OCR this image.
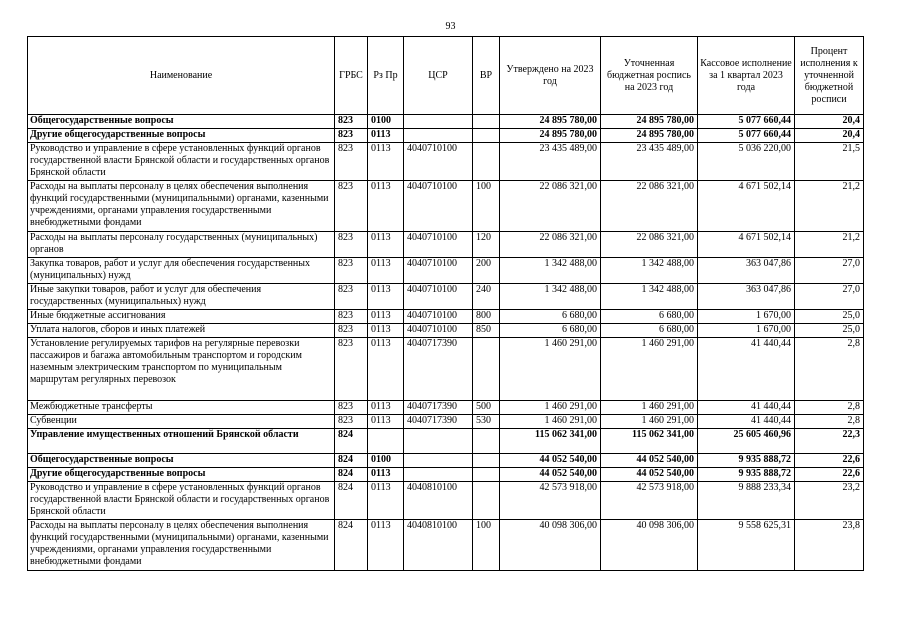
93
Наименование	ГРБС	Рз Пр	ЦСР	ВР	Утверждено на 2023 год	Уточненная бюджетная роспись на 2023 год	Кассовое исполнение за 1 квартал 2023 года	Процент исполнения к уточненной бюджетной росписи
Общегосударственные вопросы	823	0100			24 895 780,00	24 895 780,00	5 077 660,44	20,4
Другие общегосударственные вопросы	823	0113			24 895 780,00	24 895 780,00	5 077 660,44	20,4
Руководство и управление в сфере установленных функций органов государственной власти Брянской области и государственных органов Брянской области	823	0113	4040710100		23 435 489,00	23 435 489,00	5 036 220,00	21,5
Расходы на выплаты персоналу в целях обеспечения выполнения функций государственными (муниципальными) органами, казенными учреждениями, органами управления государственными внебюджетными фондами	823	0113	4040710100	100	22 086 321,00	22 086 321,00	4 671 502,14	21,2
Расходы на выплаты персоналу государственных (муниципальных) органов	823	0113	4040710100	120	22 086 321,00	22 086 321,00	4 671 502,14	21,2
Закупка товаров, работ и услуг для обеспечения государственных (муниципальных) нужд	823	0113	4040710100	200	1 342 488,00	1 342 488,00	363 047,86	27,0
Иные закупки товаров, работ и услуг для обеспечения государственных (муниципальных) нужд	823	0113	4040710100	240	1 342 488,00	1 342 488,00	363 047,86	27,0
Иные бюджетные ассигнования	823	0113	4040710100	800	6 680,00	6 680,00	1 670,00	25,0
Уплата налогов, сборов и иных платежей	823	0113	4040710100	850	6 680,00	6 680,00	1 670,00	25,0
Установление регулируемых тарифов на регулярные перевозки пассажиров и багажа автомобильным транспортом и городским наземным электрическим транспортом по муниципальным маршрутам регулярных перевозок	823	0113	4040717390		1 460 291,00	1 460 291,00	41 440,44	2,8
Межбюджетные трансферты	823	0113	4040717390	500	1 460 291,00	1 460 291,00	41 440,44	2,8
Субвенции	823	0113	4040717390	530	1 460 291,00	1 460 291,00	41 440,44	2,8
Управление имущественных отношений Брянской области	824				115 062 341,00	115 062 341,00	25 605 460,96	22,3
Общегосударственные вопросы	824	0100			44 052 540,00	44 052 540,00	9 935 888,72	22,6
Другие общегосударственные вопросы	824	0113			44 052 540,00	44 052 540,00	9 935 888,72	22,6
Руководство и управление в сфере установленных функций органов государственной власти Брянской области и государственных органов Брянской области	824	0113	4040810100		42 573 918,00	42 573 918,00	9 888 233,34	23,2
Расходы на выплаты персоналу в целях обеспечения выполнения функций государственными (муниципальными) органами, казенными учреждениями, органами управления государственными внебюджетными фондами	824	0113	4040810100	100	40 098 306,00	40 098 306,00	9 558 625,31	23,8
